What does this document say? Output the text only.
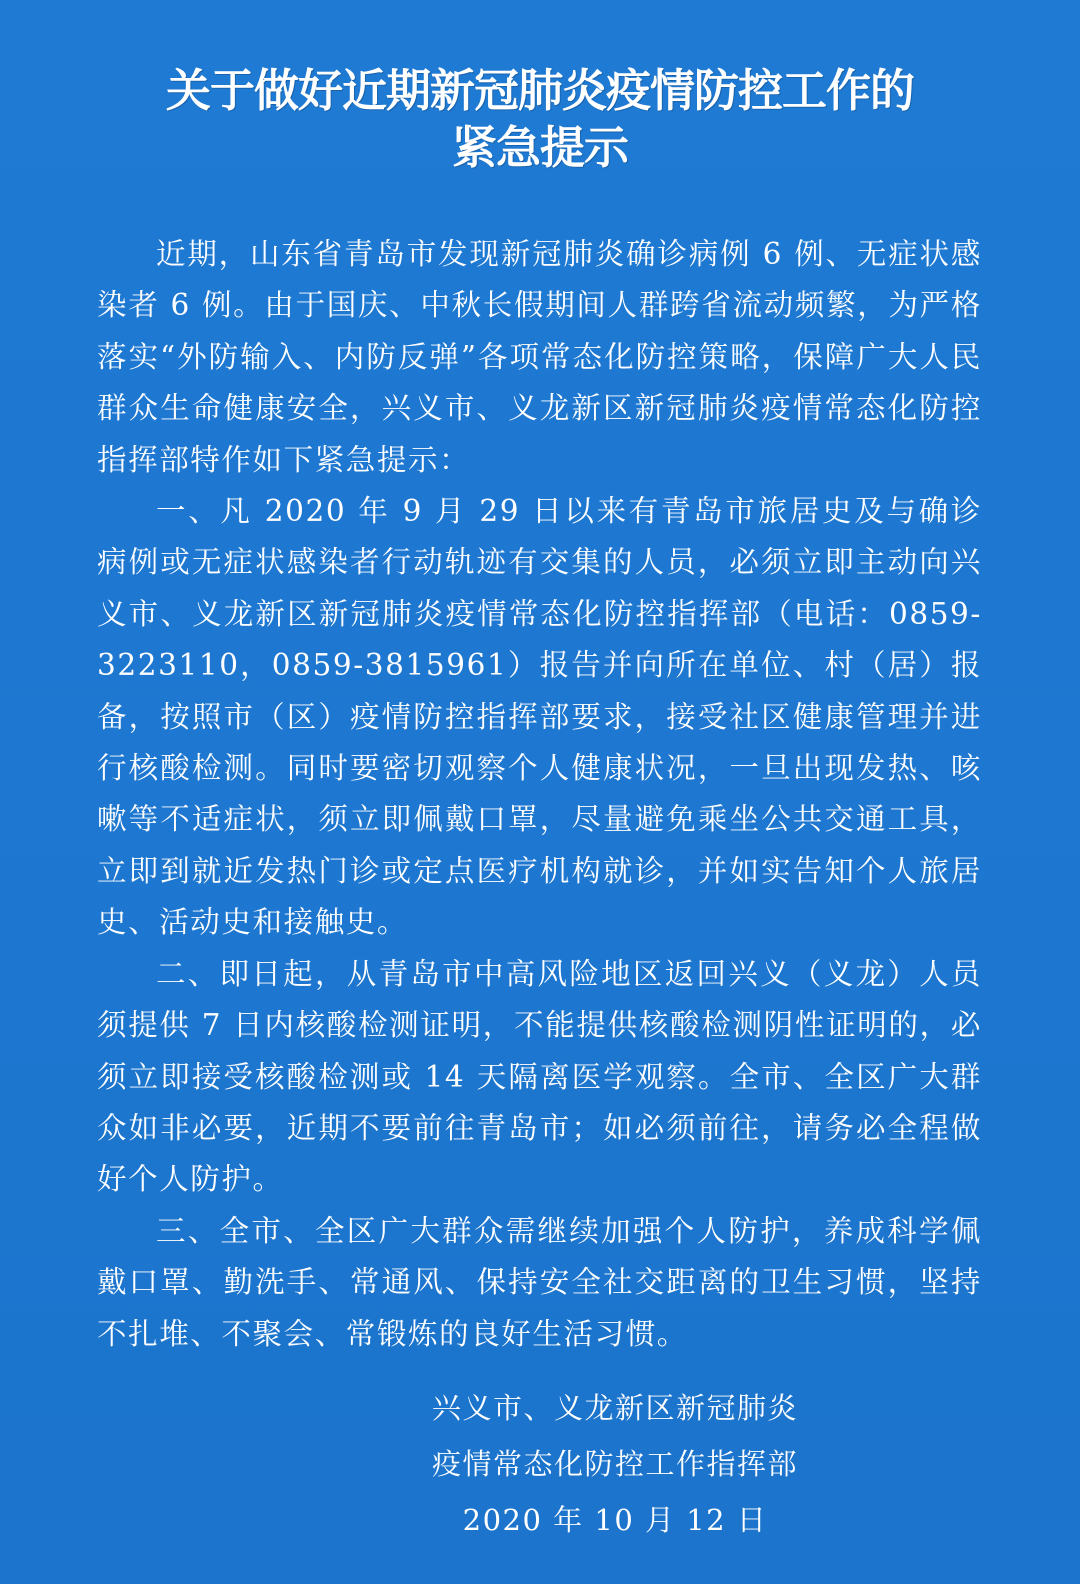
关于做好近期新冠肺炎疫情防控工作的
紧急提示

近期，山东省青岛市发现新冠肺炎确诊病例 6 例、无症状感染者 6 例。由于国庆、中秋长假期间人群跨省流动频繁，为严格落实“外防输入、内防反弹”各项常态化防控策略，保障广大人民群众生命健康安全，兴义市、义龙新区新冠肺炎疫情常态化防控指挥部特作如下紧急提示：

一、凡 2020 年 9 月 29 日以来有青岛市旅居史及与确诊病例或无症状感染者行动轨迹有交集的人员，必须立即主动向兴义市、义龙新区新冠肺炎疫情常态化防控指挥部（电话：0859-3223110，0859-3815961）报告并向所在单位、村（居）报备，按照市（区）疫情防控指挥部要求，接受社区健康管理并进行核酸检测。同时要密切观察个人健康状况，一旦出现发热、咳嗽等不适症状，须立即佩戴口罩，尽量避免乘坐公共交通工具，立即到就近发热门诊或定点医疗机构就诊，并如实告知个人旅居史、活动史和接触史。

二、即日起，从青岛市中高风险地区返回兴义（义龙）人员须提供 7 日内核酸检测证明，不能提供核酸检测阴性证明的，必须立即接受核酸检测或 14 天隔离医学观察。全市、全区广大群众如非必要，近期不要前往青岛市；如必须前往，请务必全程做好个人防护。

三、全市、全区广大群众需继续加强个人防护，养成科学佩戴口罩、勤洗手、常通风、保持安全社交距离的卫生习惯，坚持不扎堆、不聚会、常锻炼的良好生活习惯。

兴义市、义龙新区新冠肺炎
疫情常态化防控工作指挥部
2020 年 10 月 12 日
